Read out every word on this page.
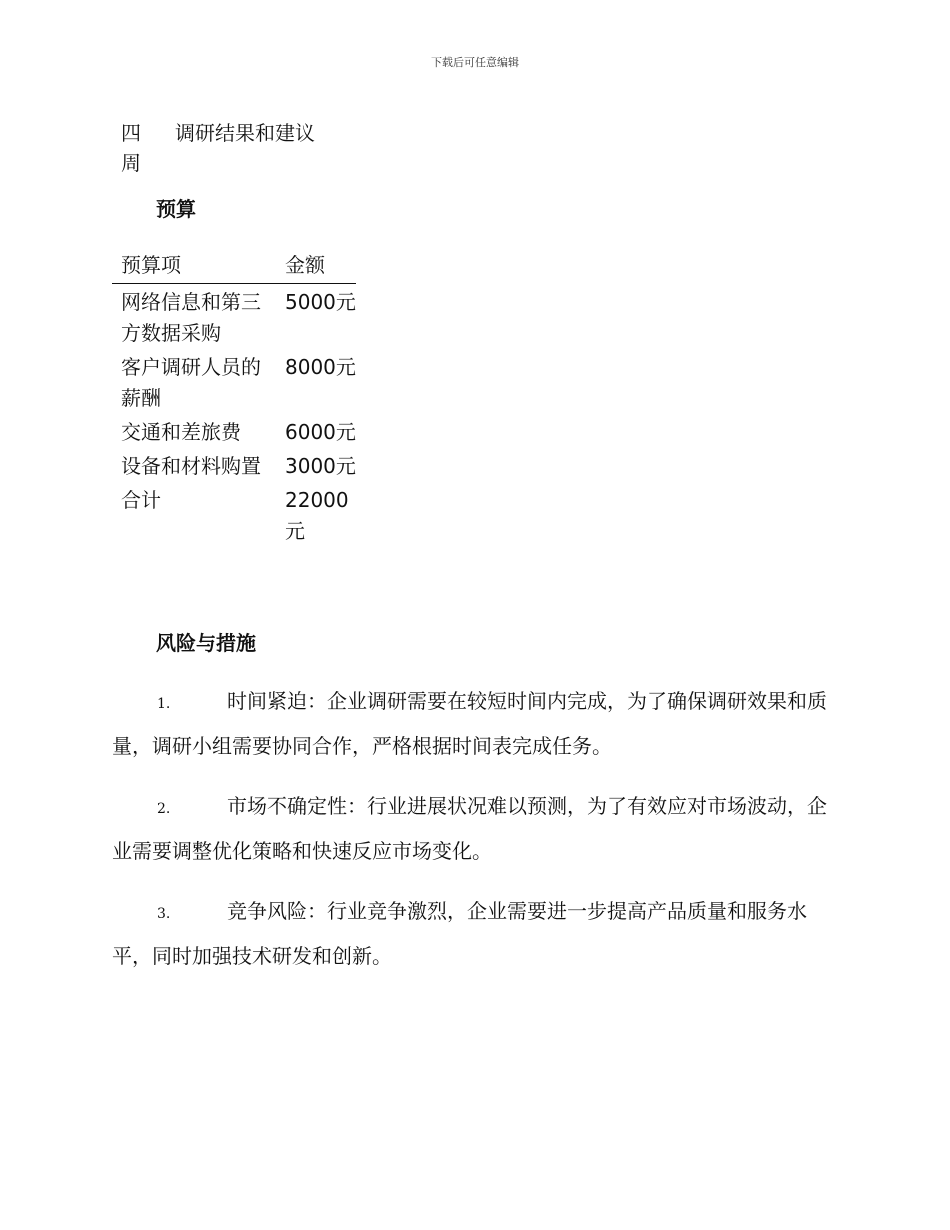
下载后可任意编辑
四	调研结果和建议
周
预算
预算项	金额
网络信息和第三方数据采购	5000元
客户调研人员的薪酬	8000元
交通和差旅费	6000元
设备和材料购置	3000元
合计	22000元
风险与措施

1.	时间紧迫：企业调研需要在较短时间内完成，为了确保调研效果和质量，调研小组需要协同合作，严格根据时间表完成任务。

2.	市场不确定性：行业进展状况难以预测，为了有效应对市场波动，企业需要调整优化策略和快速反应市场变化。

3.	竞争风险：行业竞争激烈，企业需要进一步提高产品质量和服务水平，同时加强技术研发和创新。
